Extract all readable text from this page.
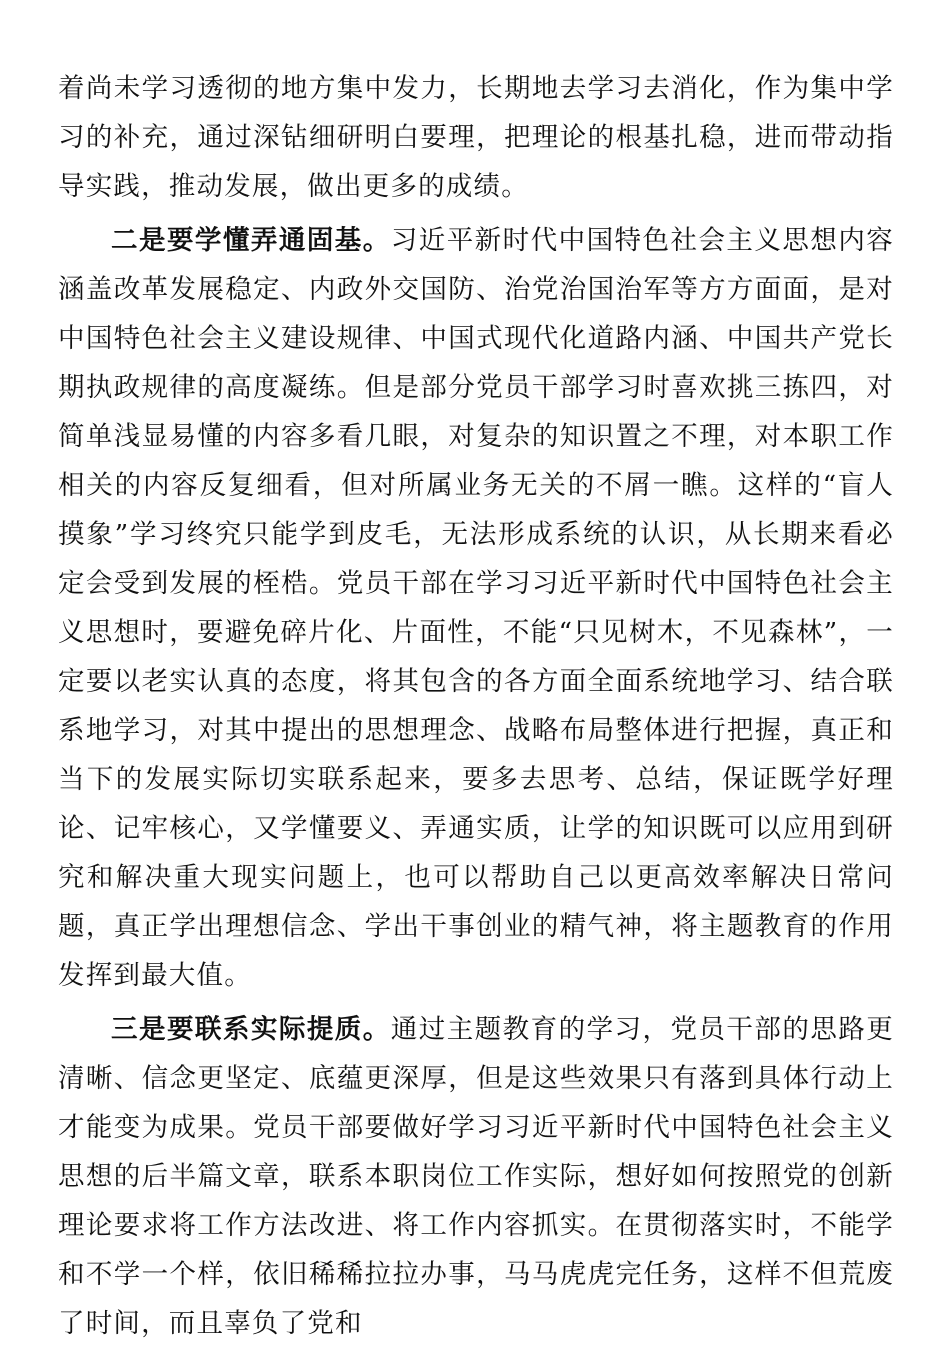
着尚未学习透彻的地方集中发力，长期地去学习去消化，作为集中学习的补充，通过深钻细研明白要理，把理论的根基扎稳，进而带动指导实践，推动发展，做出更多的成绩。

二是要学懂弄通固基。习近平新时代中国特色社会主义思想内容涵盖改革发展稳定、内政外交国防、治党治国治军等方方面面，是对中国特色社会主义建设规律、中国式现代化道路内涵、中国共产党长期执政规律的高度凝练。但是部分党员干部学习时喜欢挑三拣四，对简单浅显易懂的内容多看几眼，对复杂的知识置之不理，对本职工作相关的内容反复细看，但对所属业务无关的不屑一瞧。这样的“盲人摸象”学习终究只能学到皮毛，无法形成系统的认识，从长期来看必定会受到发展的桎梏。党员干部在学习习近平新时代中国特色社会主义思想时，要避免碎片化、片面性，不能“只见树木，不见森林”，一定要以老实认真的态度，将其包含的各方面全面系统地学习、结合联系地学习，对其中提出的思想理念、战略布局整体进行把握，真正和当下的发展实际切实联系起来，要多去思考、总结，保证既学好理论、记牢核心，又学懂要义、弄通实质，让学的知识既可以应用到研究和解决重大现实问题上，也可以帮助自己以更高效率解决日常问题，真正学出理想信念、学出干事创业的精气神，将主题教育的作用发挥到最大值。

三是要联系实际提质。通过主题教育的学习，党员干部的思路更清晰、信念更坚定、底蕴更深厚，但是这些效果只有落到具体行动上才能变为成果。党员干部要做好学习习近平新时代中国特色社会主义思想的后半篇文章，联系本职岗位工作实际，想好如何按照党的创新理论要求将工作方法改进、将工作内容抓实。在贯彻落实时，不能学和不学一个样，依旧稀稀拉拉办事，马马虎虎完任务，这样不但荒废了时间，而且辜负了党和
